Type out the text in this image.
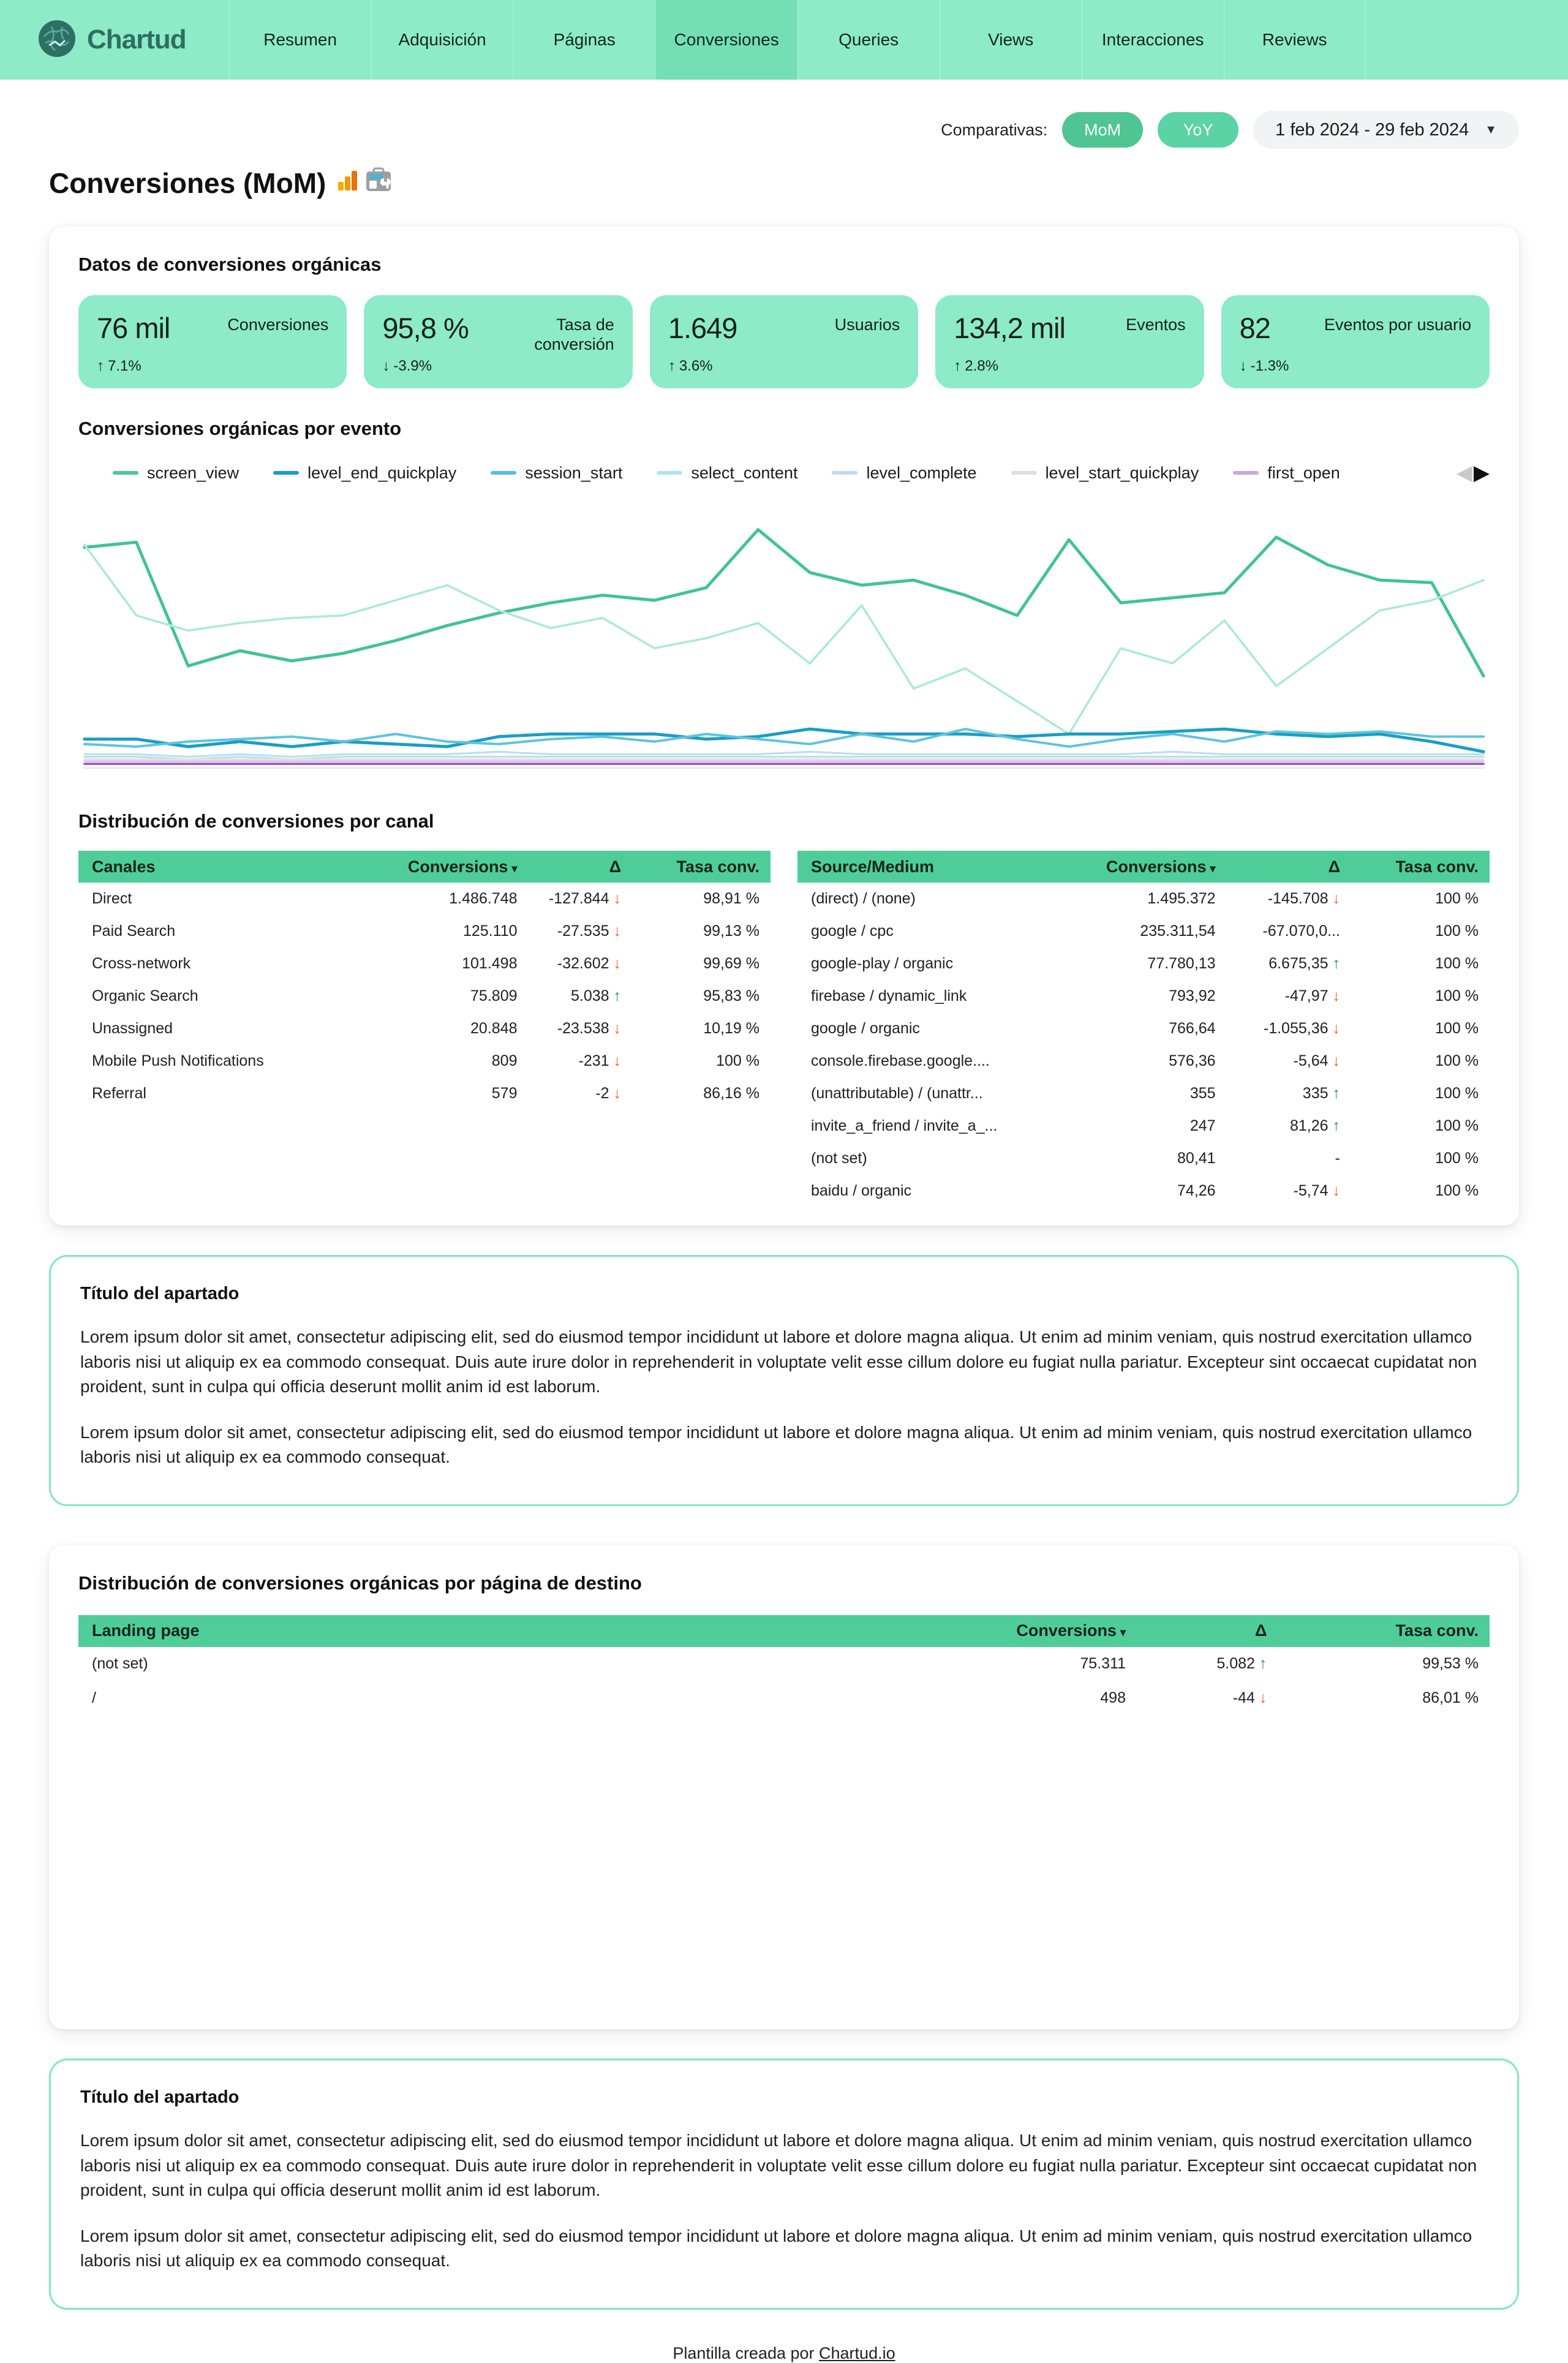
Chartud	Resumen	Adquisición	Páginas	Conversiones	Queries	Views	Interacciones	Reviews
Comparativas:	MoM	YoY	1 feb 2024 - 29 feb 2024 ▼
Conversiones (MoM)
Datos de conversiones orgánicas
76 mil	Conversiones
↑ 7.1%
95,8 %	Tasa de conversión
↓ -3.9%
1.649	Usuarios
↑ 3.6%
134,2 mil	Eventos
↑ 2.8%
82	Eventos por usuario
↓ -1.3%
Conversiones orgánicas por evento
screen_view	level_end_quickplay	session_start	select_content	level_complete	level_start_quickplay	first_open	◀ ▶
Distribución de conversiones por canal
Canales	Conversions ▾	Δ	Tasa conv.
Direct	1.486.748	-127.844 ↓	98,91 %
Paid Search	125.110	-27.535 ↓	99,13 %
Cross-network	101.498	-32.602 ↓	99,69 %
Organic Search	75.809	5.038 ↑	95,83 %
Unassigned	20.848	-23.538 ↓	10,19 %
Mobile Push Notifications	809	-231 ↓	100 %
Referral	579	-2 ↓	86,16 %
Source/Medium	Conversions ▾	Δ	Tasa conv.
(direct) / (none)	1.495.372	-145.708 ↓	100 %
google / cpc	235.311,54	-67.070,0...	100 %
google-play / organic	77.780,13	6.675,35 ↑	100 %
firebase / dynamic_link	793,92	-47,97 ↓	100 %
google / organic	766,64	-1.055,36 ↓	100 %
console.firebase.google....	576,36	-5,64 ↓	100 %
(unattributable) / (unattr...	355	335 ↑	100 %
invite_a_friend / invite_a_...	247	81,26 ↑	100 %
(not set)	80,41	-	100 %
baidu / organic	74,26	-5,74 ↓	100 %
Título del apartado

Lorem ipsum dolor sit amet, consectetur adipiscing elit, sed do eiusmod tempor incididunt ut labore et dolore magna aliqua. Ut enim ad minim veniam, quis nostrud exercitation ullamco laboris nisi ut aliquip ex ea commodo consequat. Duis aute irure dolor in reprehenderit in voluptate velit esse cillum dolore eu fugiat nulla pariatur. Excepteur sint occaecat cupidatat non proident, sunt in culpa qui officia deserunt mollit anim id est laborum.

Lorem ipsum dolor sit amet, consectetur adipiscing elit, sed do eiusmod tempor incididunt ut labore et dolore magna aliqua. Ut enim ad minim veniam, quis nostrud exercitation ullamco laboris nisi ut aliquip ex ea commodo consequat.

Distribución de conversiones orgánicas por página de destino
Landing page	Conversions ▾	Δ	Tasa conv.
(not set)	75.311	5.082 ↑	99,53 %
/	498	-44 ↓	86,01 %
Título del apartado

Lorem ipsum dolor sit amet, consectetur adipiscing elit, sed do eiusmod tempor incididunt ut labore et dolore magna aliqua. Ut enim ad minim veniam, quis nostrud exercitation ullamco laboris nisi ut aliquip ex ea commodo consequat. Duis aute irure dolor in reprehenderit in voluptate velit esse cillum dolore eu fugiat nulla pariatur. Excepteur sint occaecat cupidatat non proident, sunt in culpa qui officia deserunt mollit anim id est laborum.

Lorem ipsum dolor sit amet, consectetur adipiscing elit, sed do eiusmod tempor incididunt ut labore et dolore magna aliqua. Ut enim ad minim veniam, quis nostrud exercitation ullamco laboris nisi ut aliquip ex ea commodo consequat.

Plantilla creada por Chartud.io
